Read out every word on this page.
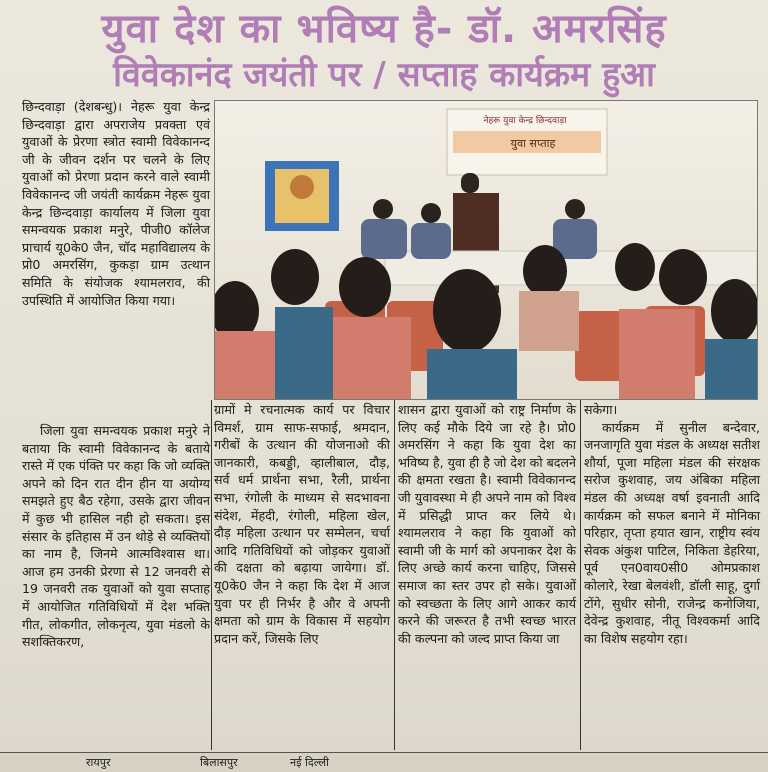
युवा देश का भविष्य है- डॉ. अमरसिंह
विवेकानंद जयंती पर / सप्ताह कार्यक्रम हुआ
नेहरू युवा केन्द्र छिन्दवाड़ा
युवा सप्ताह

छिन्दवाड़ा (देशबन्धु)। नेहरू युवा केन्द्र छिन्दवाड़ा द्वारा अपराजेय प्रवक्ता एवं युवाओं के प्रेरणा स्त्रोत स्वामी विवेकानन्द जी के जीवन दर्शन पर चलने के लिए युवाओं को प्रेरणा प्रदान करने वाले स्वामी विवेकानन्द जी जयंती कार्यक्रम नेहरू युवा केन्द्र छिन्दवाड़ा कार्यालय में जिला युवा समन्वयक प्रकाश मनुरे, पीजी0 कॉलेज प्राचार्य यू0के0 जैन, चॉद महाविद्यालय के प्रो0 अमरसिंग, कुकड़ा ग्राम उत्थान समिति के संयोजक श्यामलराव, की उपस्थिति में आयोजित किया गया।

जिला युवा समन्वयक प्रकाश मनुरे ने बताया कि स्वामी विवेकानन्द के बताये रास्ते में एक पंक्ति पर कहा कि जो व्यक्ति अपने को दिन रात दीन हीन या अयोग्य समझते हुए बैठ रहेगा, उसके द्वारा जीवन में कुछ भी हासिल नही हो सकता। इस संसार के इतिहास में उन थोड़े से व्यक्तियों का नाम है, जिनमे आत्मविश्वास था। आज हम उनकी प्रेरणा से 12 जनवरी से 19 जनवरी तक युवाओं को युवा सप्ताह में आयोजित गतिविधियों में देश भक्ति गीत, लोकगीत, लोकनृत्य, युवा मंडलो के सशक्तिकरण,

ग्रामों मे रचनात्मक कार्य पर विचार विमर्श, ग्राम साफ-सफाई, श्रमदान, गरीबों के उत्थान की योजनाओ की जानकारी, कबड्डी, व्हालीबाल, दौड़, सर्व धर्म प्रार्थना सभा, रैली, प्रार्थना सभा, रंगोली के माध्यम से सदभावना संदेश, मेंहदी, रंगोली, महिला खेल, दौड़ महिला उत्थान पर सम्मेलन, चर्चा आदि गतिविधियों को जोड़कर युवाओं की दक्षता को बढ़ाया जायेगा। डॉ. यू0के0 जैन ने कहा कि देश में आज युवा पर ही निर्भर है और वे अपनी क्षमता को ग्राम के विकास में सहयोग प्रदान करें, जिसके लिए

शासन द्वारा युवाओं को राष्ट्र निर्माण के लिए कई मौके दिये जा रहे है। प्रो0 अमरसिंग ने कहा कि युवा देश का भविष्य है, युवा ही है जो देश को बदलने की क्षमता रखता है। स्वामी विवेकानन्द जी युवावस्था मे ही अपने नाम को विश्व में प्रसिद्धी प्राप्त कर लिये थे। श्यामलराव ने कहा कि युवाओं को स्वामी जी के मार्ग को अपनाकर देश के लिए अच्छे कार्य करना चाहिए, जिससे समाज का स्तर उपर हो सके। युवाओं को स्वच्छता के लिए आगे आकर कार्य करने की जरूरत है तभी स्वच्छ भारत की कल्पना को जल्द प्राप्त किया जा

सकेगा।

कार्यक्रम में सुनील बन्देवार, जनजागृति युवा मंडल के अध्यक्ष सतीश शौर्या, पूजा महिला मंडल की संरक्षक सरोज कुशवाह, जय अंबिका महिला मंडल की अध्यक्ष वर्षा इवनाती आदि कार्यक्रम को सफल बनाने में मोनिका परिहार, तृप्ता हयात खान, राष्ट्रीय स्वंय सेवक अंकुश पाटिल, निकिता डेहरिया, पूर्व एन0वाय0सी0 ओमप्रकाश कोलारे, रेखा बेलवंशी, डॉली साहू, दुर्गा टोंगे, सुधीर सोनी, राजेन्द्र कनोजिया, देवेन्द्र कुशवाह, नीतू विश्वकर्मा आदि का विशेष सहयोग रहा।

रायपुर	बिलासपुर	नई दिल्ली
